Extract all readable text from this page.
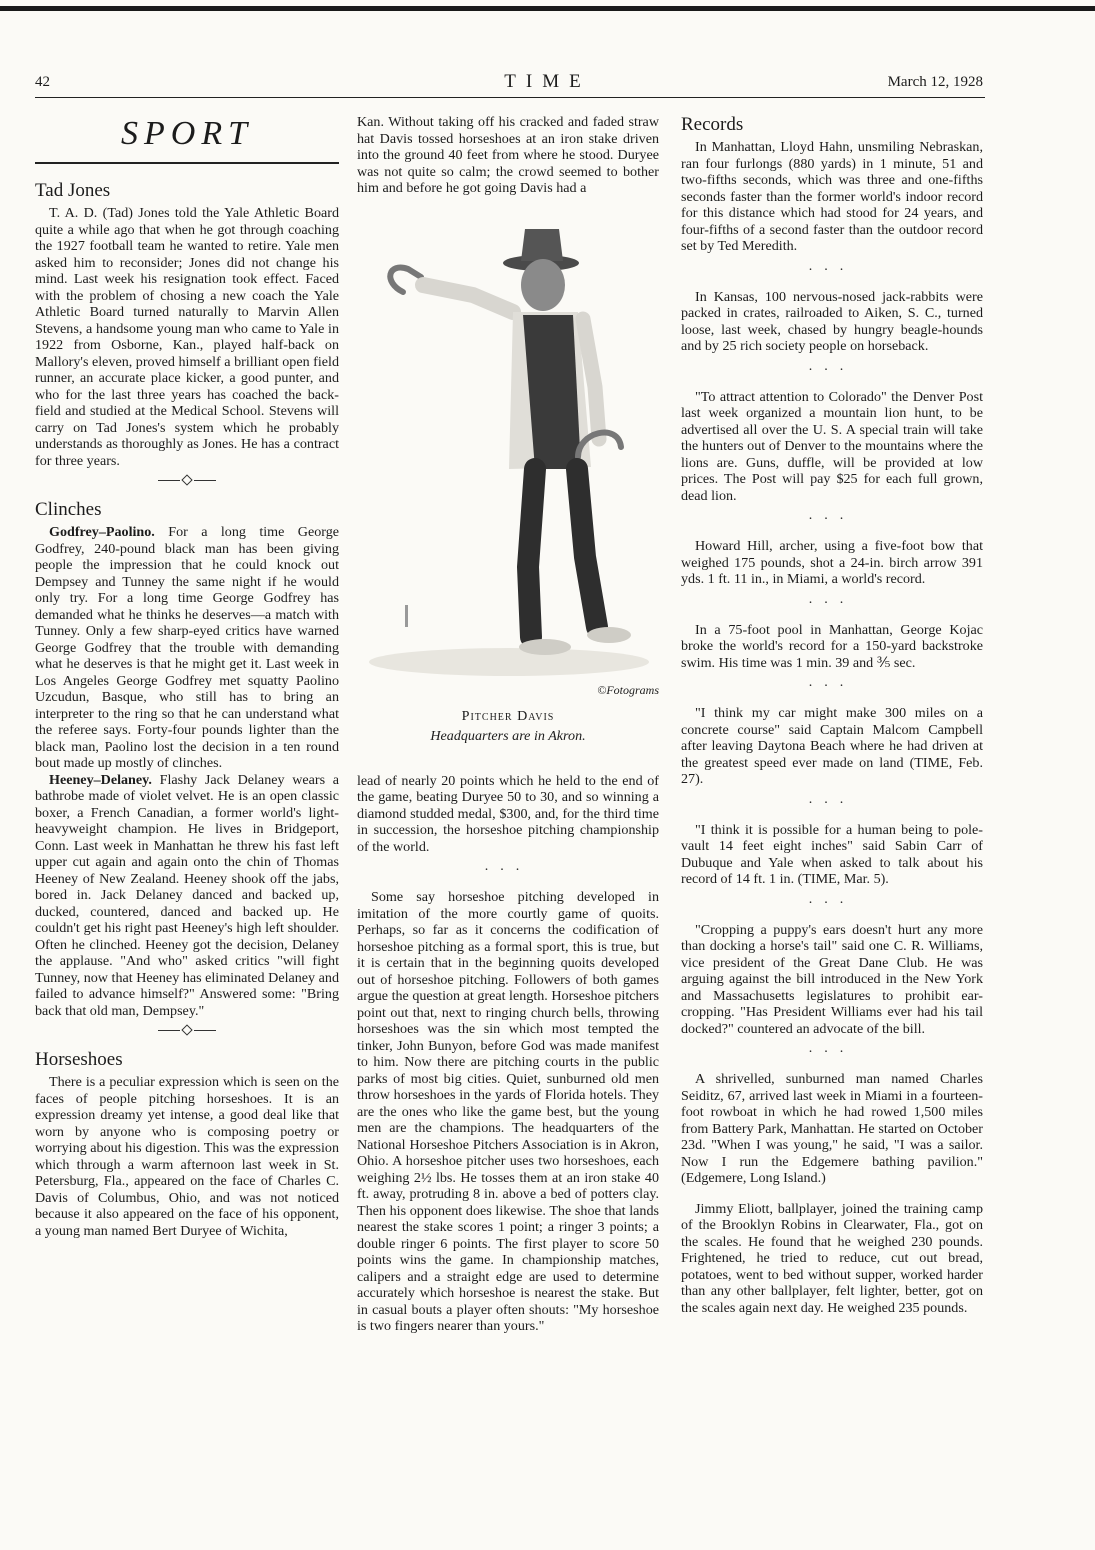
42	TIME	March 12, 1928
SPORT
Tad Jones

T. A. D. (Tad) Jones told the Yale Athletic Board quite a while ago that when he got through coaching the 1927 football team he wanted to retire. Yale men asked him to reconsider; Jones did not change his mind. Last week his resignation took effect. Faced with the problem of chosing a new coach the Yale Athletic Board turned naturally to Marvin Allen Stevens, a handsome young man who came to Yale in 1922 from Osborne, Kan., played half-back on Mallory's eleven, proved himself a brilliant open field runner, an accurate place kicker, a good punter, and who for the last three years has coached the back-field and studied at the Medical School. Stevens will carry on Tad Jones's system which he probably understands as thoroughly as Jones. He has a contract for three years.

Clinches

Godfrey–Paolino. For a long time George Godfrey, 240-pound black man has been giving people the impression that he could knock out Dempsey and Tunney the same night if he would only try. For a long time George Godfrey has demanded what he thinks he deserves—a match with Tunney. Only a few sharp-eyed critics have warned George Godfrey that the trouble with demanding what he deserves is that he might get it. Last week in Los Angeles George Godfrey met squatty Paolino Uzcudun, Basque, who still has to bring an interpreter to the ring so that he can understand what the referee says. Forty-four pounds lighter than the black man, Paolino lost the decision in a ten round bout made up mostly of clinches.

Heeney–Delaney. Flashy Jack Delaney wears a bathrobe made of violet velvet. He is an open classic boxer, a French Canadian, a former world's light-heavyweight champion. He lives in Bridgeport, Conn. Last week in Manhattan he threw his fast left upper cut again and again onto the chin of Thomas Heeney of New Zealand. Heeney shook off the jabs, bored in. Jack Delaney danced and backed up, ducked, countered, danced and backed up. He couldn't get his right past Heeney's high left shoulder. Often he clinched. Heeney got the decision, Delaney the applause. "And who" asked critics "will fight Tunney, now that Heeney has eliminated Delaney and failed to advance himself?" Answered some: "Bring back that old man, Dempsey."

Horseshoes

There is a peculiar expression which is seen on the faces of people pitching horseshoes. It is an expression dreamy yet intense, a good deal like that worn by anyone who is composing poetry or worrying about his digestion. This was the expression which through a warm afternoon last week in St. Petersburg, Fla., appeared on the face of Charles C. Davis of Columbus, Ohio, and was not noticed because it also appeared on the face of his opponent, a young man named Bert Duryee of Wichita,

Kan. Without taking off his cracked and faded straw hat Davis tossed horseshoes at an iron stake driven into the ground 40 feet from where he stood. Duryee was not quite so calm; the crowd seemed to bother him and before he got going Davis had a

©Fotograms
Pitcher Davis
Headquarters are in Akron.

lead of nearly 20 points which he held to the end of the game, beating Duryee 50 to 30, and so winning a diamond studded medal, $300, and, for the third time in succession, the horseshoe pitching championship of the world.

...

Some say horseshoe pitching developed in imitation of the more courtly game of quoits. Perhaps, so far as it concerns the codification of horseshoe pitching as a formal sport, this is true, but it is certain that in the beginning quoits developed out of horseshoe pitching. Followers of both games argue the question at great length. Horseshoe pitchers point out that, next to ringing church bells, throwing horseshoes was the sin which most tempted the tinker, John Bunyon, before God was made manifest to him. Now there are pitching courts in the public parks of most big cities. Quiet, sunburned old men throw horseshoes in the yards of Florida hotels. They are the ones who like the game best, but the young men are the champions. The headquarters of the National Horseshoe Pitchers Association is in Akron, Ohio. A horseshoe pitcher uses two horseshoes, each weighing 2½ lbs. He tosses them at an iron stake 40 ft. away, protruding 8 in. above a bed of potters clay. Then his opponent does likewise. The shoe that lands nearest the stake scores 1 point; a ringer 3 points; a double ringer 6 points. The first player to score 50 points wins the game. In championship matches, calipers and a straight edge are used to determine accurately which horseshoe is nearest the stake. But in casual bouts a player often shouts: "My horseshoe is two fingers nearer than yours."

Records

In Manhattan, Lloyd Hahn, unsmiling Nebraskan, ran four furlongs (880 yards) in 1 minute, 51 and two-fifths seconds, which was three and one-fifths seconds faster than the former world's indoor record for this distance which had stood for 24 years, and four-fifths of a second faster than the outdoor record set by Ted Meredith.

...

In Kansas, 100 nervous-nosed jack-rabbits were packed in crates, railroaded to Aiken, S. C., turned loose, last week, chased by hungry beagle-hounds and by 25 rich society people on horseback.

...

"To attract attention to Colorado" the Denver Post last week organized a mountain lion hunt, to be advertised all over the U. S. A special train will take the hunters out of Denver to the mountains where the lions are. Guns, duffle, will be provided at low prices. The Post will pay $25 for each full grown, dead lion.

...

Howard Hill, archer, using a five-foot bow that weighed 175 pounds, shot a 24-in. birch arrow 391 yds. 1 ft. 11 in., in Miami, a world's record.

...

In a 75-foot pool in Manhattan, George Kojac broke the world's record for a 150-yard backstroke swim. His time was 1 min. 39 and ⅗ sec.

...

"I think my car might make 300 miles on a concrete course" said Captain Malcom Campbell after leaving Daytona Beach where he had driven at the greatest speed ever made on land (TIME, Feb. 27).

...

"I think it is possible for a human being to pole-vault 14 feet eight inches" said Sabin Carr of Dubuque and Yale when asked to talk about his record of 14 ft. 1 in. (TIME, Mar. 5).

...

"Cropping a puppy's ears doesn't hurt any more than docking a horse's tail" said one C. R. Williams, vice president of the Great Dane Club. He was arguing against the bill introduced in the New York and Massachusetts legislatures to prohibit ear-cropping. "Has President Williams ever had his tail docked?" countered an advocate of the bill.

...

A shrivelled, sunburned man named Charles Seiditz, 67, arrived last week in Miami in a fourteen-foot rowboat in which he had rowed 1,500 miles from Battery Park, Manhattan. He started on October 23d. "When I was young," he said, "I was a sailor. Now I run the Edgemere bathing pavilion." (Edgemere, Long Island.)

Jimmy Eliott, ballplayer, joined the training camp of the Brooklyn Robins in Clearwater, Fla., got on the scales. He found that he weighed 230 pounds. Frightened, he tried to reduce, cut out bread, potatoes, went to bed without supper, worked harder than any other ballplayer, felt lighter, better, got on the scales again next day. He weighed 235 pounds.
